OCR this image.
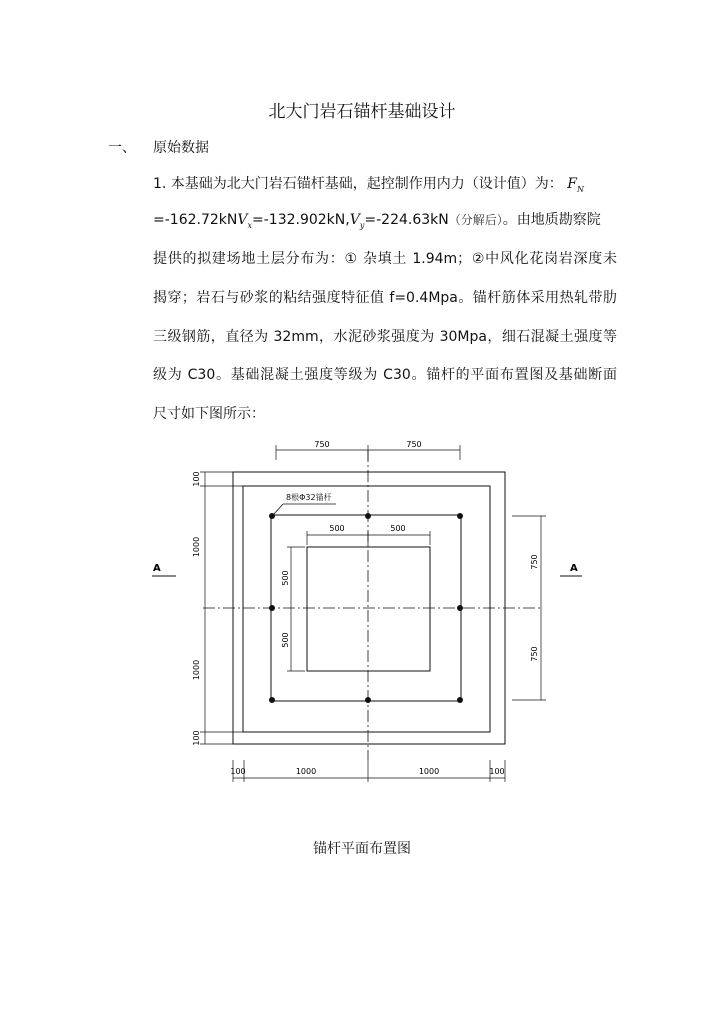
北大门岩石锚杆基础设计
一、 原始数据
1. 本基础为北大门岩石锚杆基础，起控制作用内力（设计值）为： $F_N$
$=-162.72kNV_x=-132.902kN,V_y=-224.63kN$（分解后）。由地质勘察院
提供的拟建场地土层分布为：① 杂填土 1.94m；②中风化花岗岩深度未
揭穿；岩石与砂浆的粘结强度特征值 f=0.4Mpa。锚杆筋体采用热轧带肋
三级钢筋，直径为 32mm，水泥砂浆强度为 30Mpa，细石混凝土强度等
级为 C30。基础混凝土强度等级为 C30。锚杆的平面布置图及基础断面
尺寸如下图所示：
8根Φ32锚杆
750	750
500	500
100
1000
1000
100
500
500
750
750
100	1000	1000	100
A	A
锚杆平面布置图
